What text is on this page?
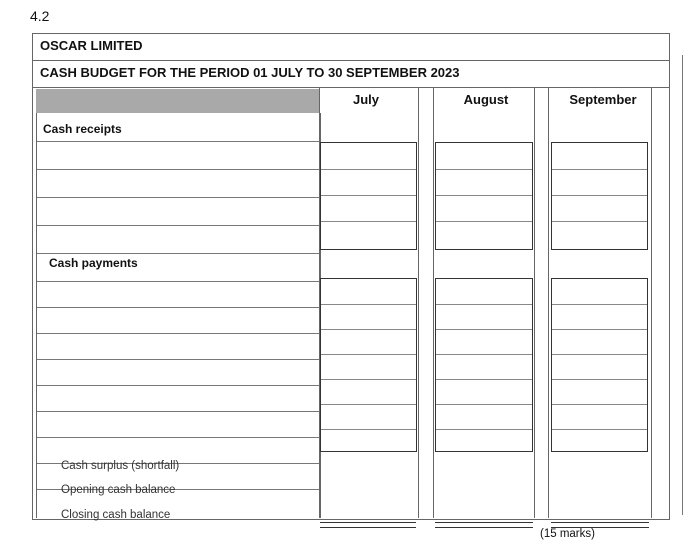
4.2
OSCAR LIMITED
CASH BUDGET FOR THE PERIOD 01 JULY TO 30 SEPTEMBER 2023
July	August	September
Cash receipts
Cash payments
Cash surplus (shortfall)
Opening cash balance
Closing cash balance
(15 marks)
